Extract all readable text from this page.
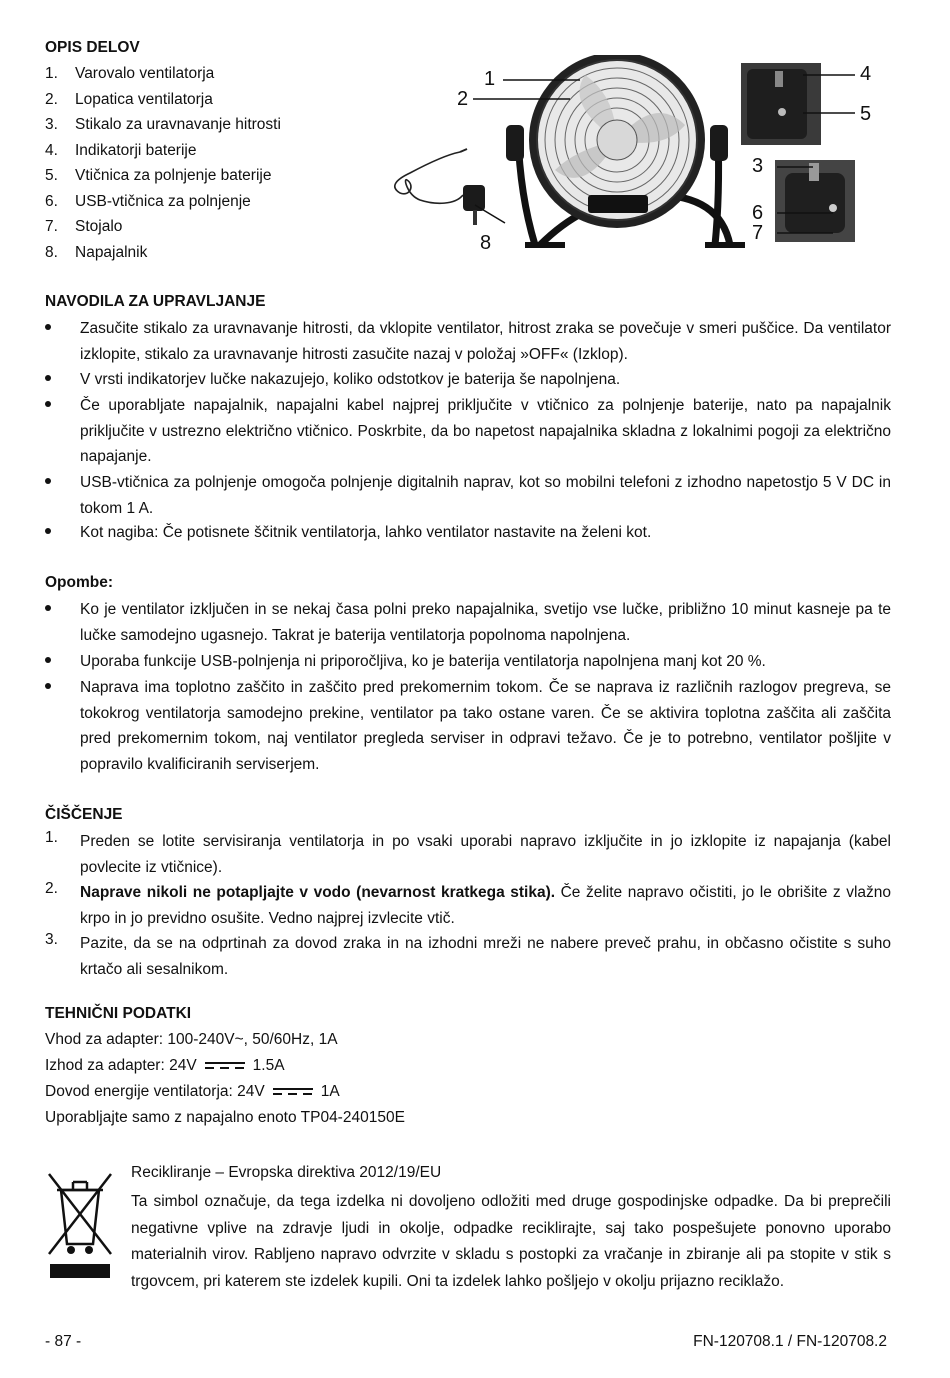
OPIS DELOV
1. Varovalo ventilatorja
2. Lopatica ventilatorja
3. Stikalo za uravnavanje hitrosti
4. Indikatorji baterije
5. Vtičnica za polnjenje baterije
6. USB-vtičnica za polnjenje
7. Stojalo
8. Napajalnik
1
2
3
4
5
6
7
8
NAVODILA ZA UPRAVLJANJE
Zasučite stikalo za uravnavanje hitrosti, da vklopite ventilator, hitrost zraka se povečuje v smeri puščice. Da ventilator izklopite, stikalo za uravnavanje hitrosti zasučite nazaj v položaj »OFF« (Izklop).
V vrsti indikatorjev lučke nakazujejo, koliko odstotkov je baterija še napolnjena.
Če uporabljate napajalnik, napajalni kabel najprej priključite v vtičnico za polnjenje baterije, nato pa napajalnik priključite v ustrezno električno vtičnico. Poskrbite, da bo napetost napajalnika skladna z lokalnimi pogoji za električno napajanje.
USB-vtičnica za polnjenje omogoča polnjenje digitalnih naprav, kot so mobilni telefoni z izhodno napetostjo 5 V DC in tokom 1 A.
Kot nagiba: Če potisnete ščitnik ventilatorja, lahko ventilator nastavite na želeni kot.
Opombe:
Ko je ventilator izključen in se nekaj časa polni preko napajalnika, svetijo vse lučke, približno 10 minut kasneje pa te lučke samodejno ugasnejo. Takrat je baterija ventilatorja popolnoma napolnjena.
Uporaba funkcije USB-polnjenja ni priporočljiva, ko je baterija ventilatorja napolnjena manj kot 20 %.
Naprava ima toplotno zaščito in zaščito pred prekomernim tokom. Če se naprava iz različnih razlogov pregreva, se tokokrog ventilatorja samodejno prekine, ventilator pa tako ostane varen. Če se aktivira toplotna zaščita ali zaščita pred prekomernim tokom, naj ventilator pregleda serviser in odpravi težavo. Če je to potrebno, ventilator pošljite v popravilo kvalificiranih serviserjem.
ČIŠČENJE
1. Preden se lotite servisiranja ventilatorja in po vsaki uporabi napravo izključite in jo izklopite iz napajanja (kabel povlecite iz vtičnice).
2. Naprave nikoli ne potapljajte v vodo (nevarnost kratkega stika). Če želite napravo očistiti, jo le obrišite z vlažno krpo in jo previdno osušite. Vedno najprej izvlecite vtič.
3. Pazite, da se na odprtinah za dovod zraka in na izhodni mreži ne nabere preveč prahu, in občasno očistite s suho krtačo ali sesalnikom.
TEHNIČNI PODATKI
Vhod za adapter: 100-240V~, 50/60Hz, 1A
Izhod za adapter: 24V	1.5A
Dovod energije ventilatorja: 24V	1A
Uporabljajte samo z napajalno enoto TP04-240150E
Recikliranje – Evropska direktiva 2012/19/EU
Ta simbol označuje, da tega izdelka ni dovoljeno odložiti med druge gospodinjske odpadke. Da bi preprečili negativne vplive na zdravje ljudi in okolje, odpadke reciklirajte, saj tako pospešujete ponovno uporabo materialnih virov. Rabljeno napravo odvrzite v skladu s postopki za vračanje in zbiranje ali pa stopite v stik s trgovcem, pri katerem ste izdelek kupili. Oni ta izdelek lahko pošljejo v okolju prijazno reciklažo.
- 87 -	FN-120708.1 / FN-120708.2
